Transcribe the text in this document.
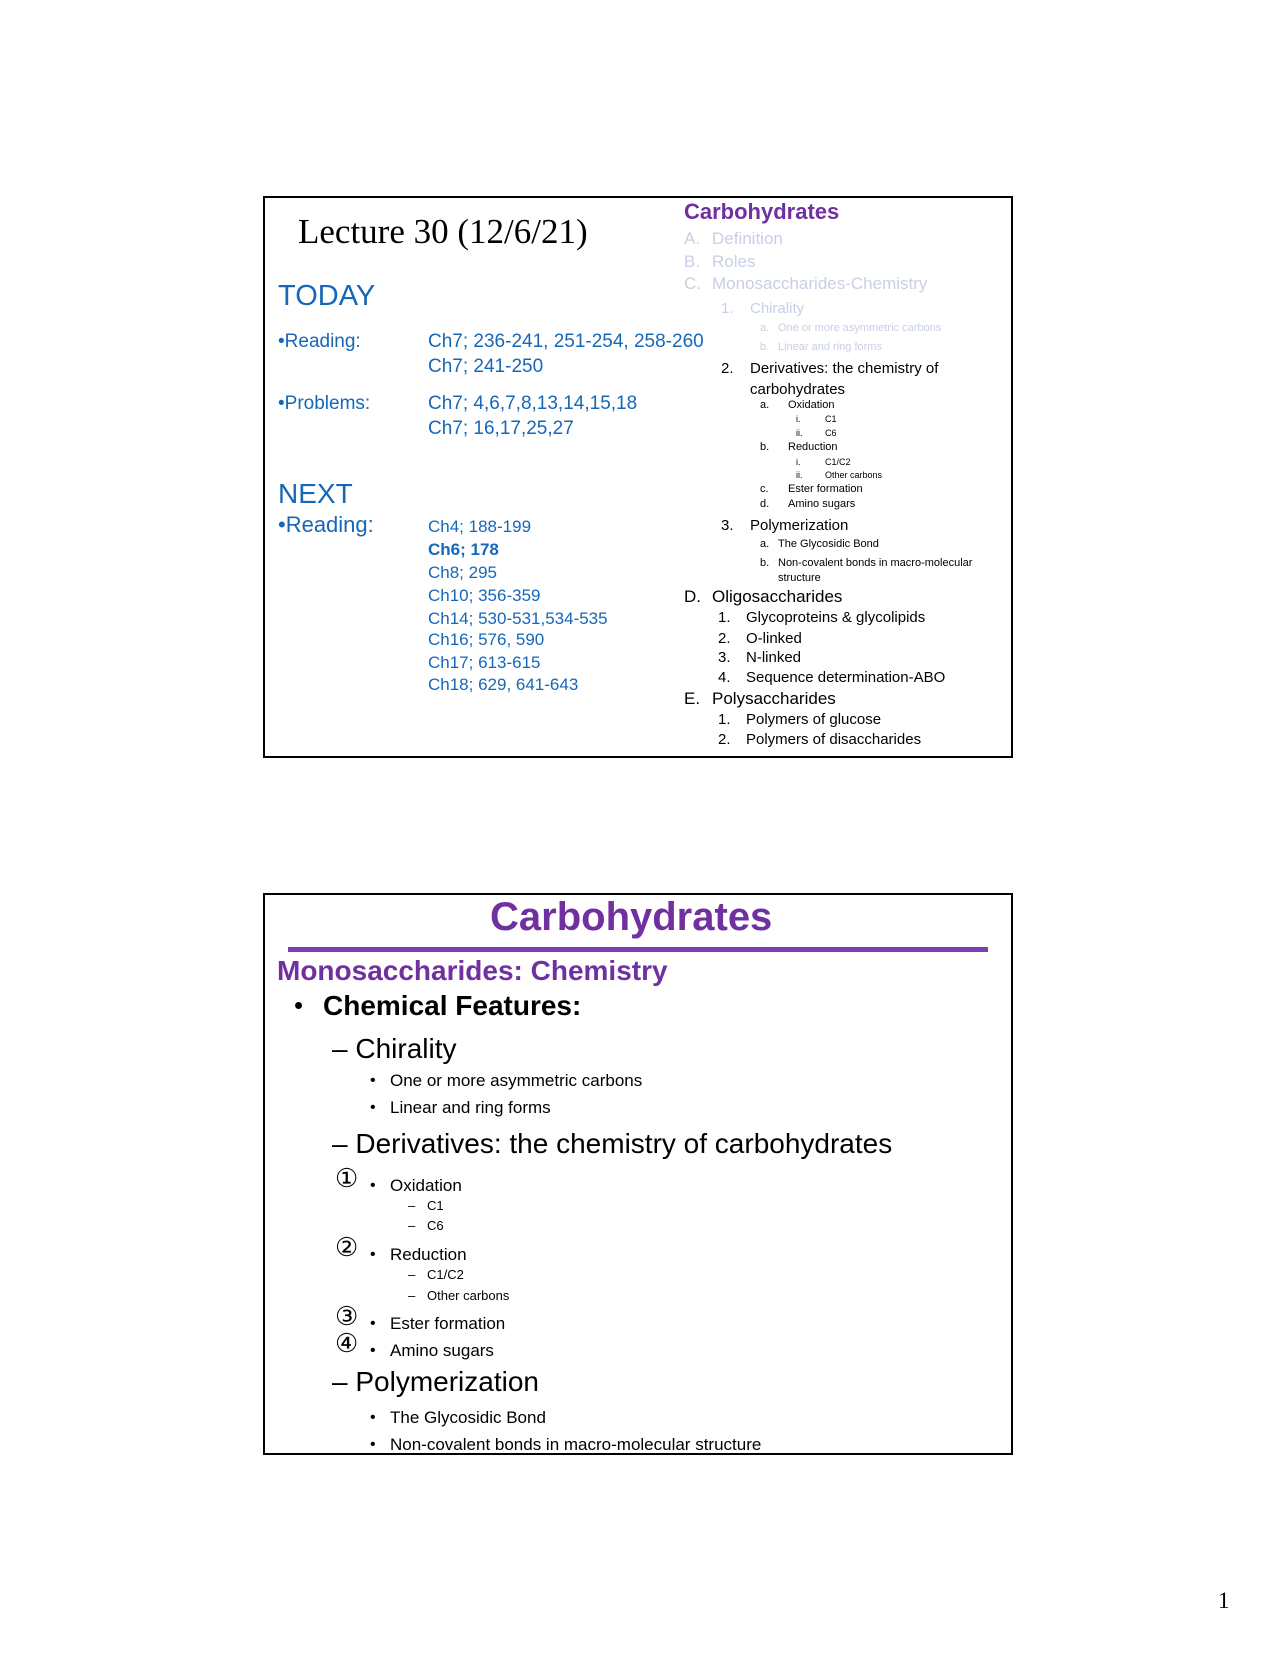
Lecture 30 (12/6/21)
TODAY
•Reading:	Ch7; 236-241, 251-254, 258-260
Ch7; 241-250
•Problems:	Ch7; 4,6,7,8,13,14,15,18
Ch7; 16,17,25,27
NEXT
•Reading:	Ch4; 188-199
Ch6; 178
Ch8; 295
Ch10; 356-359
Ch14; 530-531,534-535
Ch16; 576, 590
Ch17; 613-615
Ch18; 629, 641-643
Carbohydrates
A. Definition
B. Roles
C. Monosaccharides-Chemistry
1. Chirality
a. One or more asymmetric carbons
b. Linear and ring forms
2. Derivatives: the chemistry of
carbohydrates
a. Oxidation
i.	C1
ii.	C6
b. Reduction
i.	C1/C2
ii.	Other carbons
c. Ester formation
d. Amino sugars
3. Polymerization
a. The Glycosidic Bond
b. Non-covalent bonds in macro-molecular
structure
D. Oligosaccharides
1. Glycoproteins & glycolipids
2. O-linked
3. N-linked
4. Sequence determination-ABO
E. Polysaccharides
1. Polymers of glucose
2. Polymers of disaccharides
Carbohydrates
Monosaccharides: Chemistry
• Chemical Features:
– Chirality
• One or more asymmetric carbons
• Linear and ring forms
– Derivatives: the chemistry of carbohydrates
① • Oxidation
– C1
– C6
② • Reduction
– C1/C2
– Other carbons
③ • Ester formation
④ • Amino sugars
– Polymerization
• The Glycosidic Bond
• Non-covalent bonds in macro-molecular structure
1
